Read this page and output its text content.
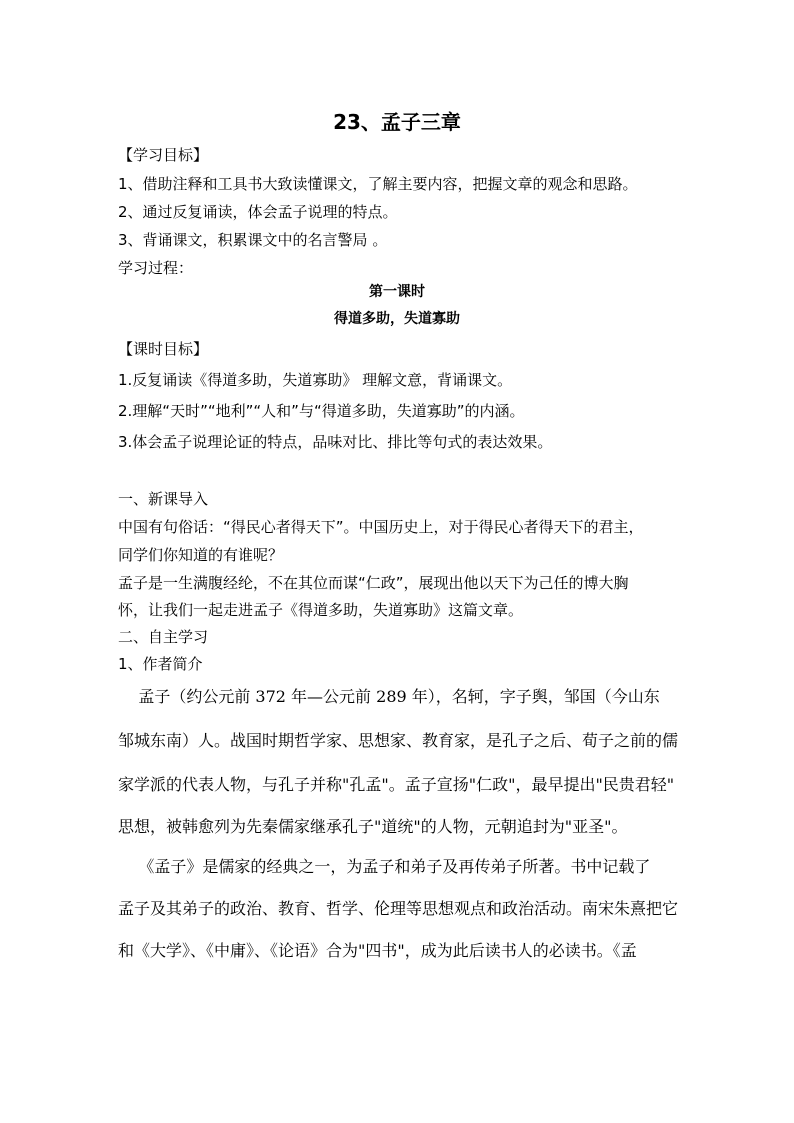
23、孟子三章
【学习目标】
1、借助注释和工具书大致读懂课文，了解主要内容，把握文章的观念和思路。
2、通过反复诵读，体会孟子说理的特点。
3、背诵课文，积累课文中的名言警局 。
学习过程：
第一课时
得道多助，失道寡助
【课时目标】
1.反复诵读《得道多助，失道寡助》 理解文意，背诵课文。
2.理解“天时”“地利”“人和”与“得道多助，失道寡助”的内涵。
3.体会孟子说理论证的特点，品味对比、排比等句式的表达效果。
一、新课导入
中国有句俗话：“得民心者得天下”。中国历史上，对于得民心者得天下的君主，
同学们你知道的有谁呢？
孟子是一生满腹经纶，不在其位而谋“仁政”，展现出他以天下为己任的博大胸
怀，让我们一起走进孟子《得道多助，失道寡助》这篇文章。
二、自主学习
1、作者简介
孟子（约公元前 372 年—公元前 289 年），名轲，字子舆，邹国（今山东
邹城东南）人。战国时期哲学家、思想家、教育家，是孔子之后、荀子之前的儒
家学派的代表人物，与孔子并称"孔孟"。孟子宣扬"仁政"，最早提出"民贵君轻"
思想，被韩愈列为先秦儒家继承孔子"道统"的人物，元朝追封为"亚圣"。
《孟子》是儒家的经典之一，为孟子和弟子及再传弟子所著。书中记载了
孟子及其弟子的政治、教育、哲学、伦理等思想观点和政治活动。南宋朱熹把它
和《大学》、《中庸》、《论语》合为"四书"，成为此后读书人的必读书。《孟
